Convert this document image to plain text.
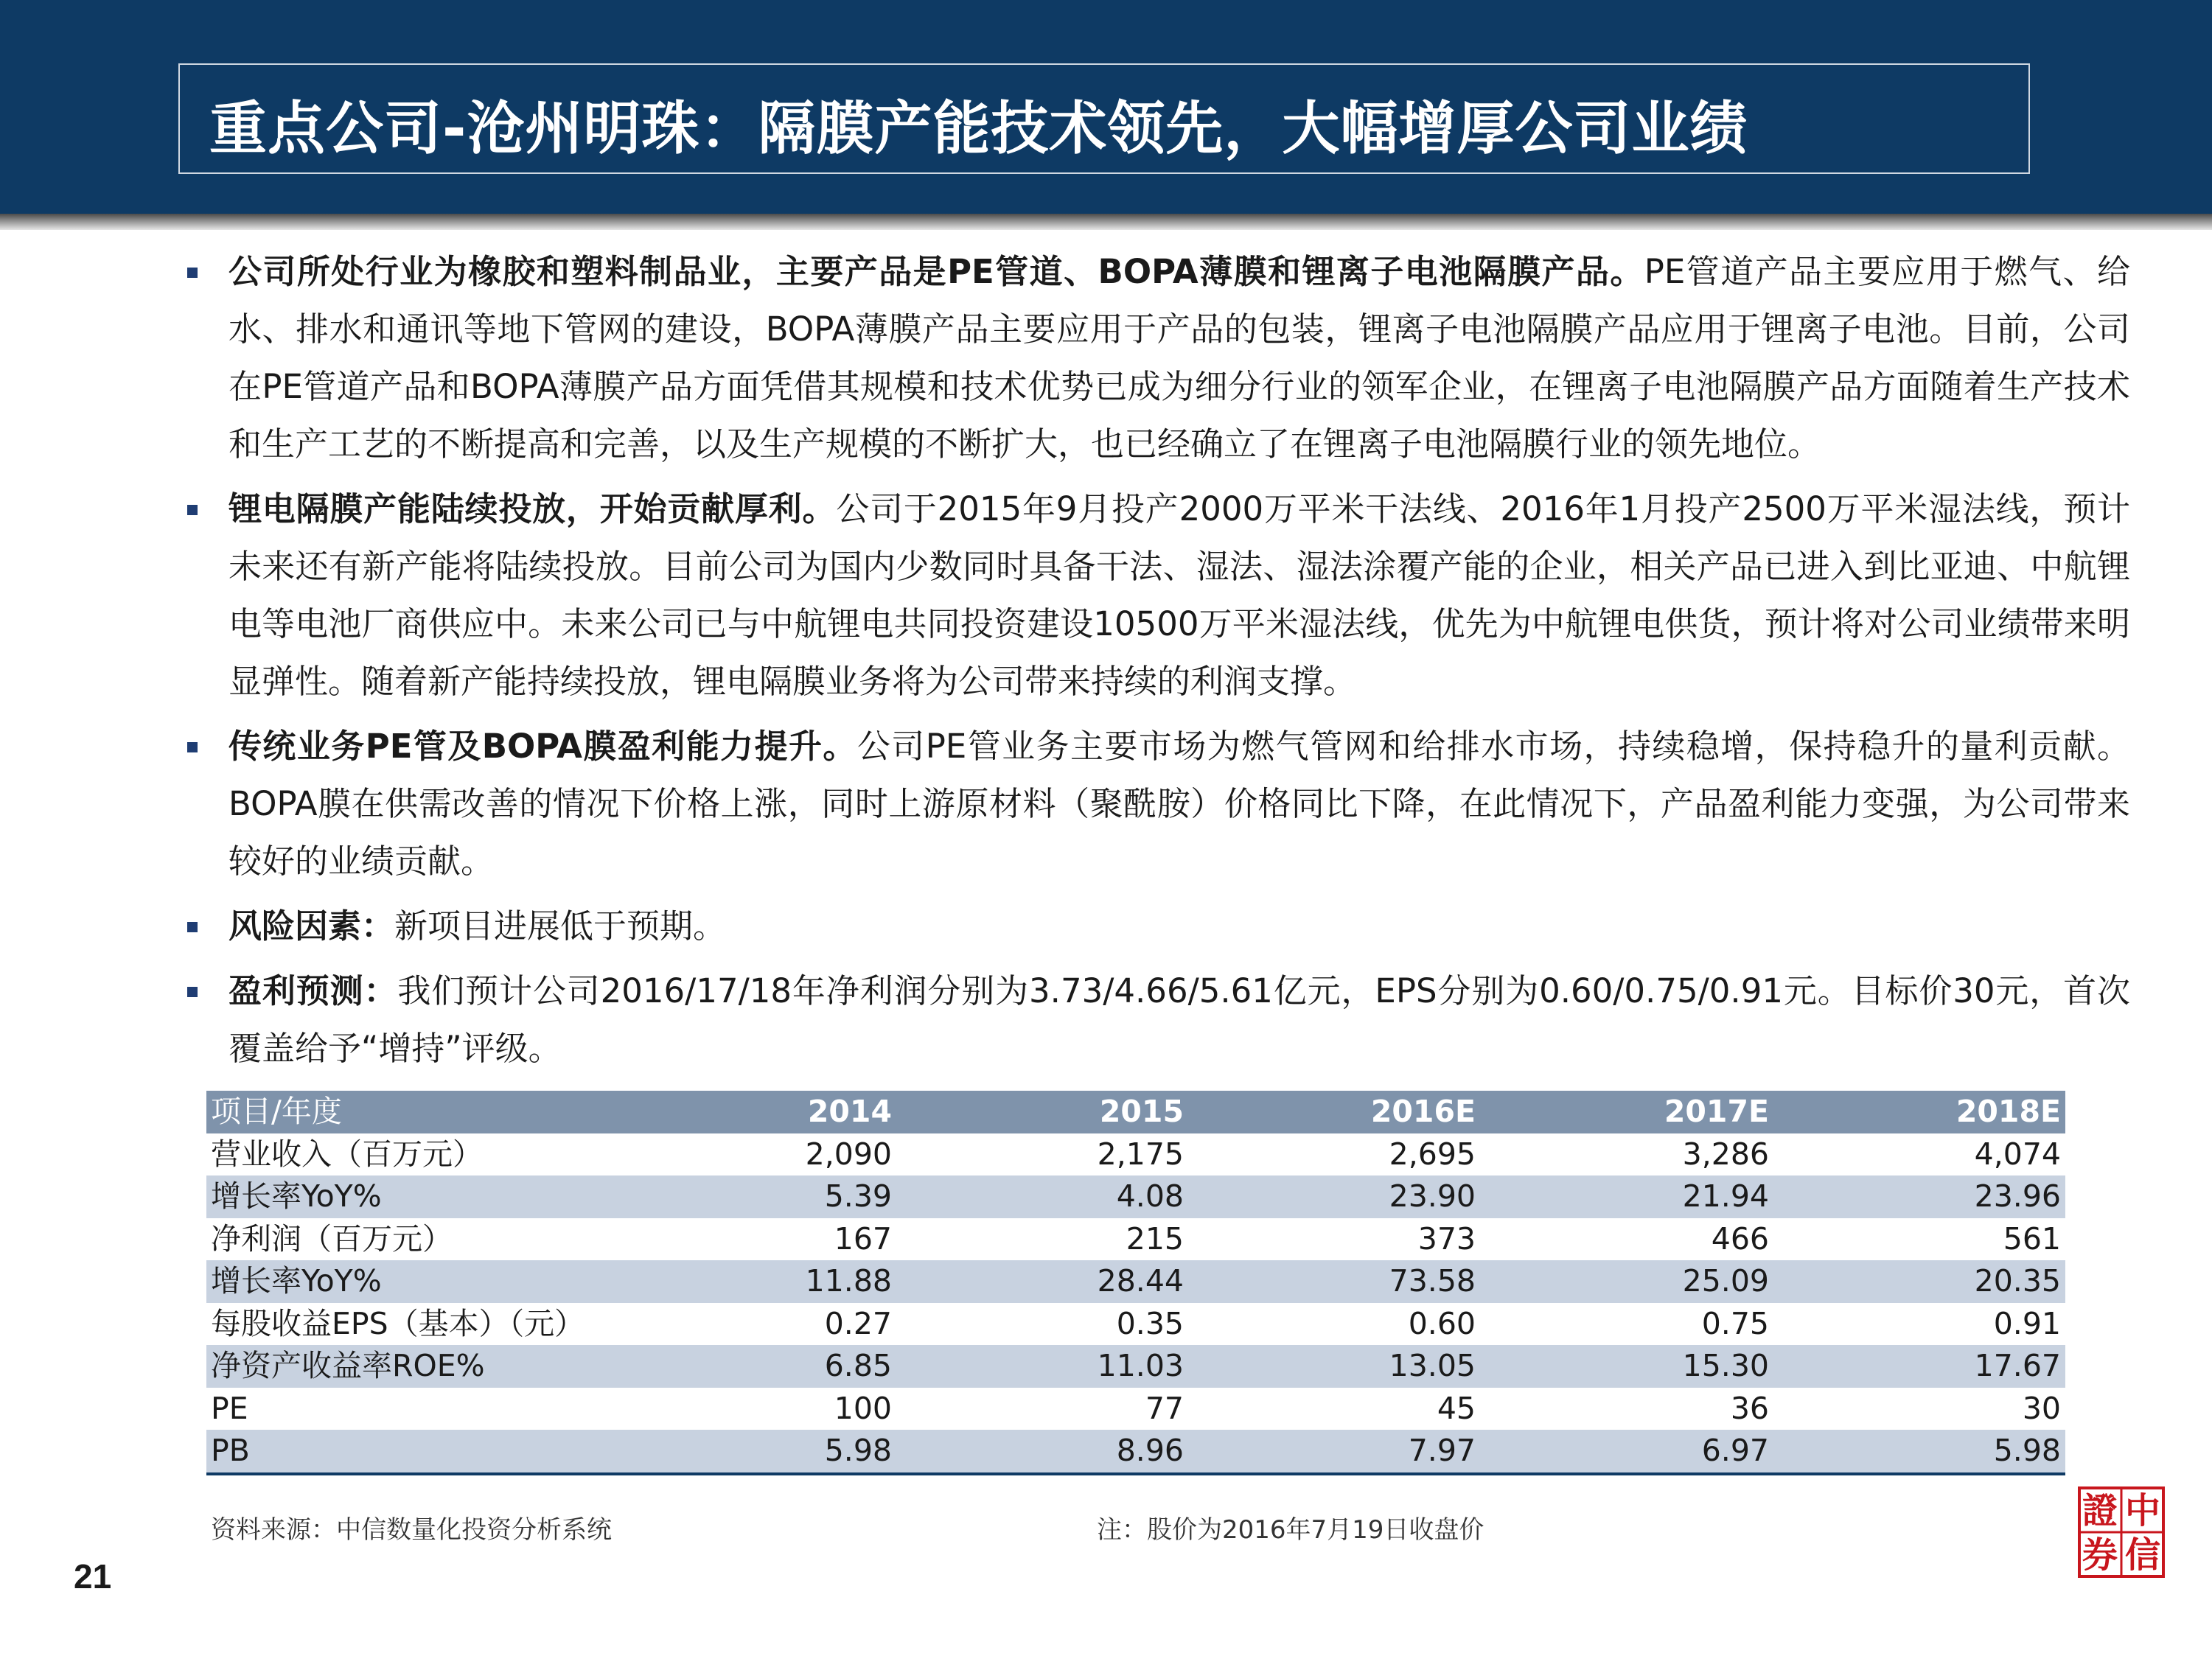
重点公司-沧州明珠：隔膜产能技术领先，大幅增厚公司业绩
公司所处行业为橡胶和塑料制品业，主要产品是PE管道、BOPA薄膜和锂离子电池隔膜产品。PE管道产品主要应用于燃气、给水、排水和通讯等地下管网的建设，BOPA薄膜产品主要应用于产品的包装，锂离子电池隔膜产品应用于锂离子电池。目前，公司在PE管道产品和BOPA薄膜产品方面凭借其规模和技术优势已成为细分行业的领军企业，在锂离子电池隔膜产品方面随着生产技术和生产工艺的不断提高和完善，以及生产规模的不断扩大，也已经确立了在锂离子电池隔膜行业的领先地位。
锂电隔膜产能陆续投放，开始贡献厚利。公司于2015年9月投产2000万平米干法线、2016年1月投产2500万平米湿法线，预计未来还有新产能将陆续投放。目前公司为国内少数同时具备干法、湿法、湿法涂覆产能的企业，相关产品已进入到比亚迪、中航锂电等电池厂商供应中。未来公司已与中航锂电共同投资建设10500万平米湿法线，优先为中航锂电供货，预计将对公司业绩带来明显弹性。随着新产能持续投放，锂电隔膜业务将为公司带来持续的利润支撑。
传统业务PE管及BOPA膜盈利能力提升。公司PE管业务主要市场为燃气管网和给排水市场，持续稳增，保持稳升的量利贡献。BOPA膜在供需改善的情况下价格上涨，同时上游原材料（聚酰胺）价格同比下降，在此情况下，产品盈利能力变强，为公司带来较好的业绩贡献。
风险因素：新项目进展低于预期。
盈利预测：我们预计公司2016/17/18年净利润分别为3.73/4.66/5.61亿元，EPS分别为0.60/0.75/0.91元。目标价30元，首次覆盖给予“增持”评级。
项目/年度	2014	2015	2016E	2017E	2018E
营业收入（百万元）	2,090	2,175	2,695	3,286	4,074
增长率YoY%	5.39	4.08	23.90	21.94	23.96
净利润（百万元）	167	215	373	466	561
增长率YoY%	11.88	28.44	73.58	25.09	20.35
每股收益EPS（基本）（元）	0.27	0.35	0.60	0.75	0.91
净资产收益率ROE%	6.85	11.03	13.05	15.30	17.67
PE	100	77	45	36	30
PB	5.98	8.96	7.97	6.97	5.98
资料来源：中信数量化投资分析系统	注：股价为2016年7月19日收盘价
21
中
信
證
券
